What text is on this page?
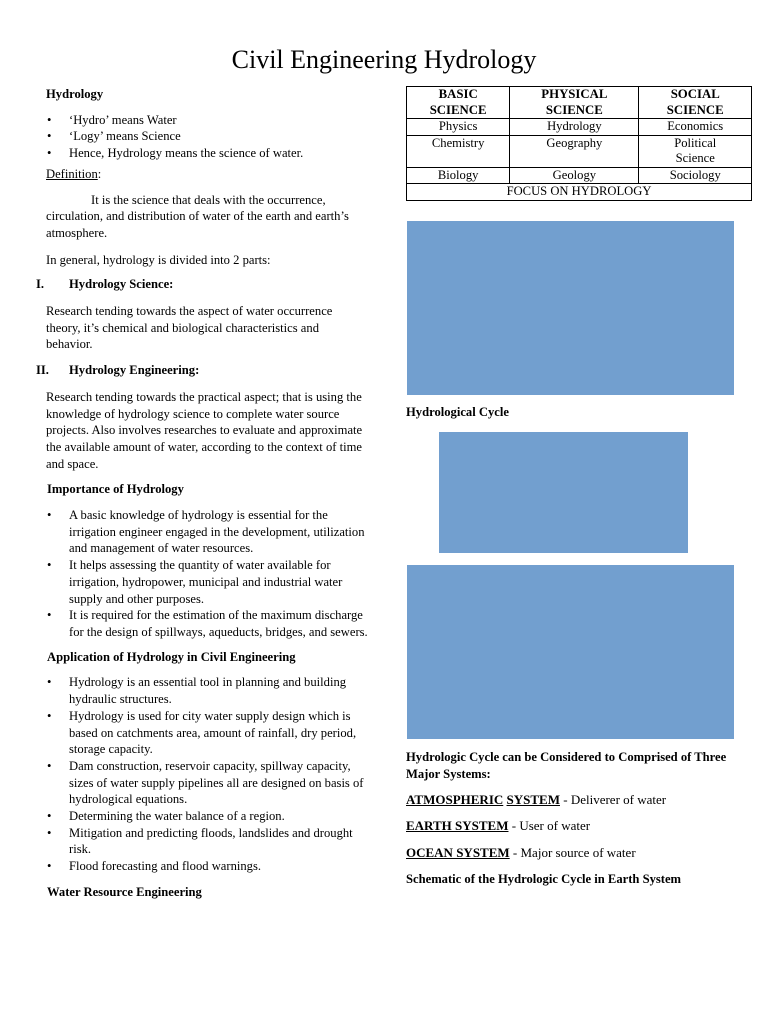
Civil Engineering Hydrology
Hydrology
• ‘Hydro’ means Water
• ‘Logy’ means Science
• Hence, Hydrology means the science of water.
Definition:

It is the science that deals with the occurrence, circulation, and distribution of water of the earth and earth’s atmosphere.

In general, hydrology is divided into 2 parts:

I. Hydrology Science:

Research tending towards the aspect of water occurrence theory, it’s chemical and biological characteristics and behavior.

II. Hydrology Engineering:

Research tending towards the practical aspect; that is using the knowledge of hydrology science to complete water source projects. Also involves researches to evaluate and approximate the available amount of water, according to the context of time and space.

Importance of Hydrology
• A basic knowledge of hydrology is essential for the irrigation engineer engaged in the development, utilization and management of water resources.
• It helps assessing the quantity of water available for irrigation, hydropower, municipal and industrial water supply and other purposes.
• It is required for the estimation of the maximum discharge for the design of spillways, aqueducts, bridges, and sewers.
Application of Hydrology in Civil Engineering
• Hydrology is an essential tool in planning and building hydraulic structures.
• Hydrology is used for city water supply design which is based on catchments area, amount of rainfall, dry period, storage capacity.
• Dam construction, reservoir capacity, spillway capacity, sizes of water supply pipelines all are designed on basis of hydrological equations.
• Determining the water balance of a region.
• Mitigation and predicting floods, landslides and drought risk.
• Flood forecasting and flood warnings.
Water Resource Engineering
BASIC SCIENCE	PHYSICAL SCIENCE	SOCIAL SCIENCE
Physics	Hydrology	Economics
Chemistry	Geography	Political Science
Biology	Geology	Sociology
FOCUS ON HYDROLOGY		
Hydrological Cycle
Hydrologic Cycle can be Considered to Comprised of Three Major Systems:

ATMOSPHERIC SYSTEM - Deliverer of water

EARTH SYSTEM - User of water

OCEAN SYSTEM - Major source of water

Schematic of the Hydrologic Cycle in Earth System
